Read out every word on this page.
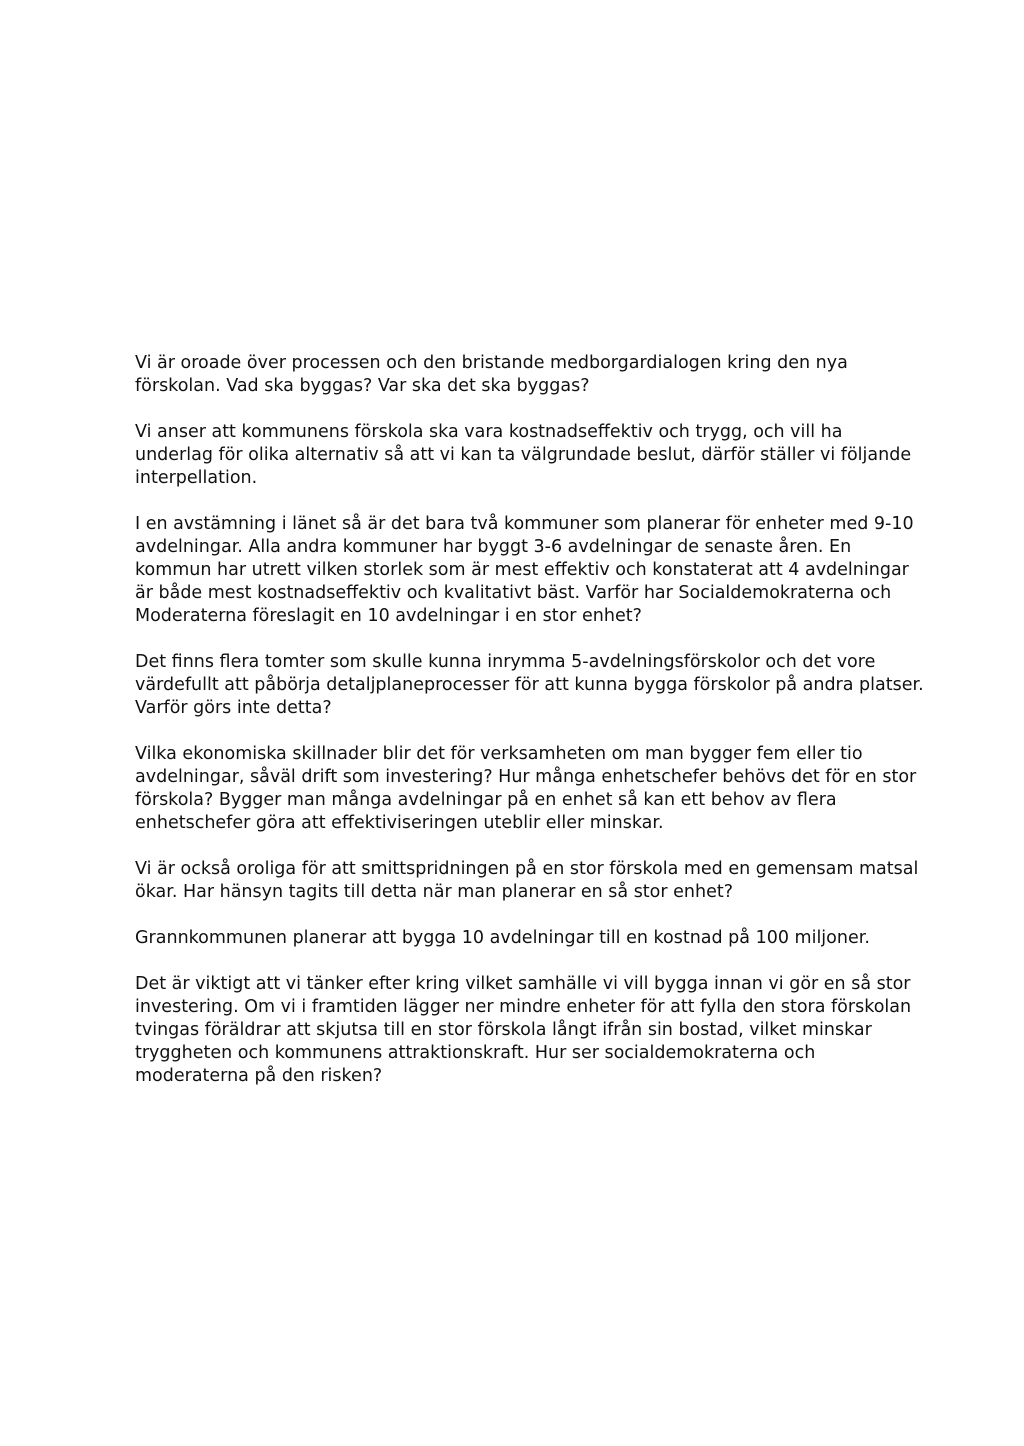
Vi är oroade över processen och den bristande medborgardialogen kring den nya förskolan. Vad ska byggas? Var ska det ska byggas?

Vi anser att kommunens förskola ska vara kostnadseffektiv och trygg, och vill ha underlag för olika alternativ så att vi kan ta välgrundade beslut, därför ställer vi följande interpellation.

I en avstämning i länet så är det bara två kommuner som planerar för enheter med 9-10 avdelningar. Alla andra kommuner har byggt 3-6 avdelningar de senaste åren. En kommun har utrett vilken storlek som är mest effektiv och konstaterat att 4 avdelningar är både mest kostnadseffektiv och kvalitativt bäst. Varför har Socialdemokraterna och Moderaterna föreslagit en 10 avdelningar i en stor enhet?

Det finns flera tomter som skulle kunna inrymma 5-avdelningsförskolor och det vore värdefullt att påbörja detaljplaneprocesser för att kunna bygga förskolor på andra platser. Varför görs inte detta?

Vilka ekonomiska skillnader blir det för verksamheten om man bygger fem eller tio avdelningar, såväl drift som investering? Hur många enhetschefer behövs det för en stor förskola? Bygger man många avdelningar på en enhet så kan ett behov av flera enhetschefer göra att effektiviseringen uteblir eller minskar.

Vi är också oroliga för att smittspridningen på en stor förskola med en gemensam matsal ökar. Har hänsyn tagits till detta när man planerar en så stor enhet?

Grannkommunen planerar att bygga 10 avdelningar till en kostnad på 100 miljoner.

Det är viktigt att vi tänker efter kring vilket samhälle vi vill bygga innan vi gör en så stor investering. Om vi i framtiden lägger ner mindre enheter för att fylla den stora förskolan tvingas föräldrar att skjutsa till en stor förskola långt ifrån sin bostad, vilket minskar tryggheten och kommunens attraktionskraft. Hur ser socialdemokraterna och moderaterna på den risken?
